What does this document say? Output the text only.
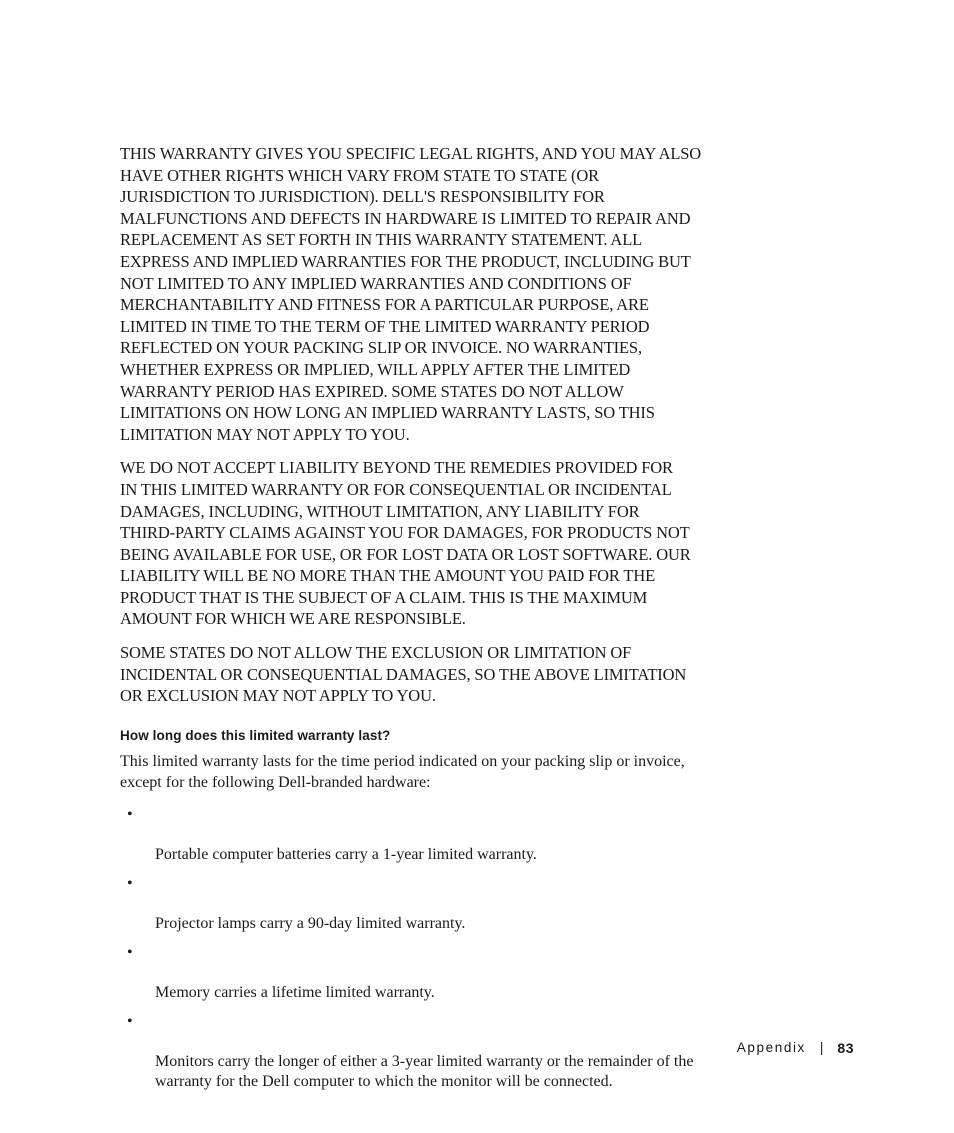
THIS WARRANTY GIVES YOU SPECIFIC LEGAL RIGHTS, AND YOU MAY ALSO
HAVE OTHER RIGHTS WHICH VARY FROM STATE TO STATE (OR
JURISDICTION TO JURISDICTION). DELL'S RESPONSIBILITY FOR
MALFUNCTIONS AND DEFECTS IN HARDWARE IS LIMITED TO REPAIR AND
REPLACEMENT AS SET FORTH IN THIS WARRANTY STATEMENT. ALL
EXPRESS AND IMPLIED WARRANTIES FOR THE PRODUCT, INCLUDING BUT
NOT LIMITED TO ANY IMPLIED WARRANTIES AND CONDITIONS OF
MERCHANTABILITY AND FITNESS FOR A PARTICULAR PURPOSE, ARE
LIMITED IN TIME TO THE TERM OF THE LIMITED WARRANTY PERIOD
REFLECTED ON YOUR PACKING SLIP OR INVOICE. NO WARRANTIES,
WHETHER EXPRESS OR IMPLIED, WILL APPLY AFTER THE LIMITED
WARRANTY PERIOD HAS EXPIRED. SOME STATES DO NOT ALLOW
LIMITATIONS ON HOW LONG AN IMPLIED WARRANTY LASTS, SO THIS
LIMITATION MAY NOT APPLY TO YOU.

WE DO NOT ACCEPT LIABILITY BEYOND THE REMEDIES PROVIDED FOR
IN THIS LIMITED WARRANTY OR FOR CONSEQUENTIAL OR INCIDENTAL
DAMAGES, INCLUDING, WITHOUT LIMITATION, ANY LIABILITY FOR
THIRD-PARTY CLAIMS AGAINST YOU FOR DAMAGES, FOR PRODUCTS NOT
BEING AVAILABLE FOR USE, OR FOR LOST DATA OR LOST SOFTWARE. OUR
LIABILITY WILL BE NO MORE THAN THE AMOUNT YOU PAID FOR THE
PRODUCT THAT IS THE SUBJECT OF A CLAIM. THIS IS THE MAXIMUM
AMOUNT FOR WHICH WE ARE RESPONSIBLE.

SOME STATES DO NOT ALLOW THE EXCLUSION OR LIMITATION OF
INCIDENTAL OR CONSEQUENTIAL DAMAGES, SO THE ABOVE LIMITATION
OR EXCLUSION MAY NOT APPLY TO YOU.

How long does this limited warranty last?

This limited warranty lasts for the time period indicated on your packing slip or invoice,
except for the following Dell-branded hardware:

•

Portable computer batteries carry a 1-year limited warranty.

•

Projector lamps carry a 90-day limited warranty.

•

Memory carries a lifetime limited warranty.

•

Monitors carry the longer of either a 3-year limited warranty or the remainder of the
warranty for the Dell computer to which the monitor will be connected.

Appendix | 83
